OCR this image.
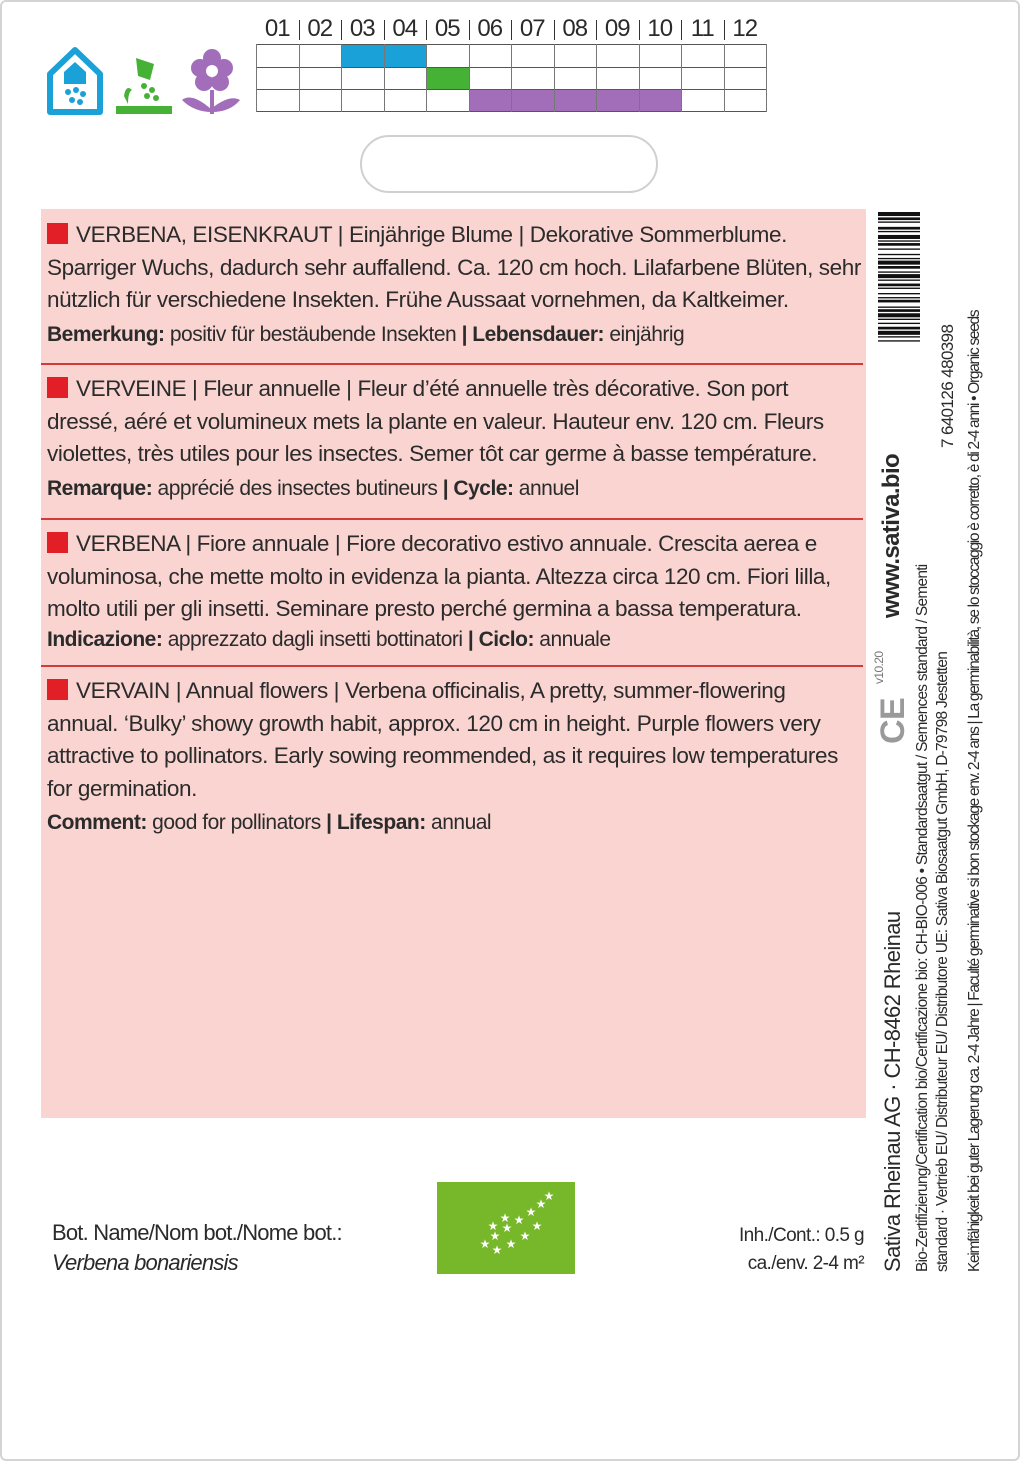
01 02 03 04 05 06 07 08 09 10 11 12
VERBENA, EISENKRAUT | Einjährige Blume | Dekorative Sommerblume. Sparriger Wuchs, dadurch sehr auffallend. Ca. 120 cm hoch. Lilafarbene Blüten, sehr nützlich für verschiedene Insekten. Frühe Aussaat vornehmen, da Kaltkeimer.
Bemerkung: positiv für bestäubende Insekten | Lebensdauer: einjährig
VERVEINE | Fleur annuelle | Fleur d’été annuelle très décorative. Son port dressé, aéré et volumineux mets la plante en valeur. Hauteur env. 120 cm. Fleurs violettes, très utiles pour les insectes. Semer tôt car germe à basse température.
Remarque: apprécié des insectes butineurs | Cycle: annuel
VERBENA | Fiore annuale | Fiore decorativo estivo annuale. Crescita aerea e voluminosa, che mette molto in evidenza la pianta. Altezza circa 120 cm. Fiori lilla, molto utili per gli insetti. Seminare presto perché germina a bassa temperatura.
Indicazione: apprezzato dagli insetti bottinatori | Ciclo: annuale
VERVAIN | Annual flowers | Verbena officinalis, A pretty, summer-flowering annual. ‘Bulky’ showy growth habit, approx. 120 cm in height. Purple flowers very attractive to pollinators. Early sowing reommended, as it requires low temperatures for germination.
Comment: good for pollinators | Lifespan: annual
7 640126 480398
www.sativa.bio
v10.20
CE
Sativa Rheinau AG · CH-8462 Rheinau Bio-Zertifizierung/Certification bio/Certificazione bio: CH-BIO-006 • Standardsaatgut / Semences standard / Sementi standard · Vertrieb EU/ Distributeur EU/ Distributore UE: Sativa Biosaatgut GmbH, D-79798 Jestetten Keimfähigkeit bei guter Lagerung ca. 2-4 Jahre | Faculté germinative si bon stockage env. 2-4 ans | La germinabilità, se lo stoccaggio è corretto, è di 2-4 anni • Organic seeds
Bot. Name/Nom bot./Nome bot.:
Verbena bonariensis
★
★
★
★
★
★
★
★ ★
★
★
★
★
Inh./Cont.: 0.5 g
ca./env. 2-4 m²
